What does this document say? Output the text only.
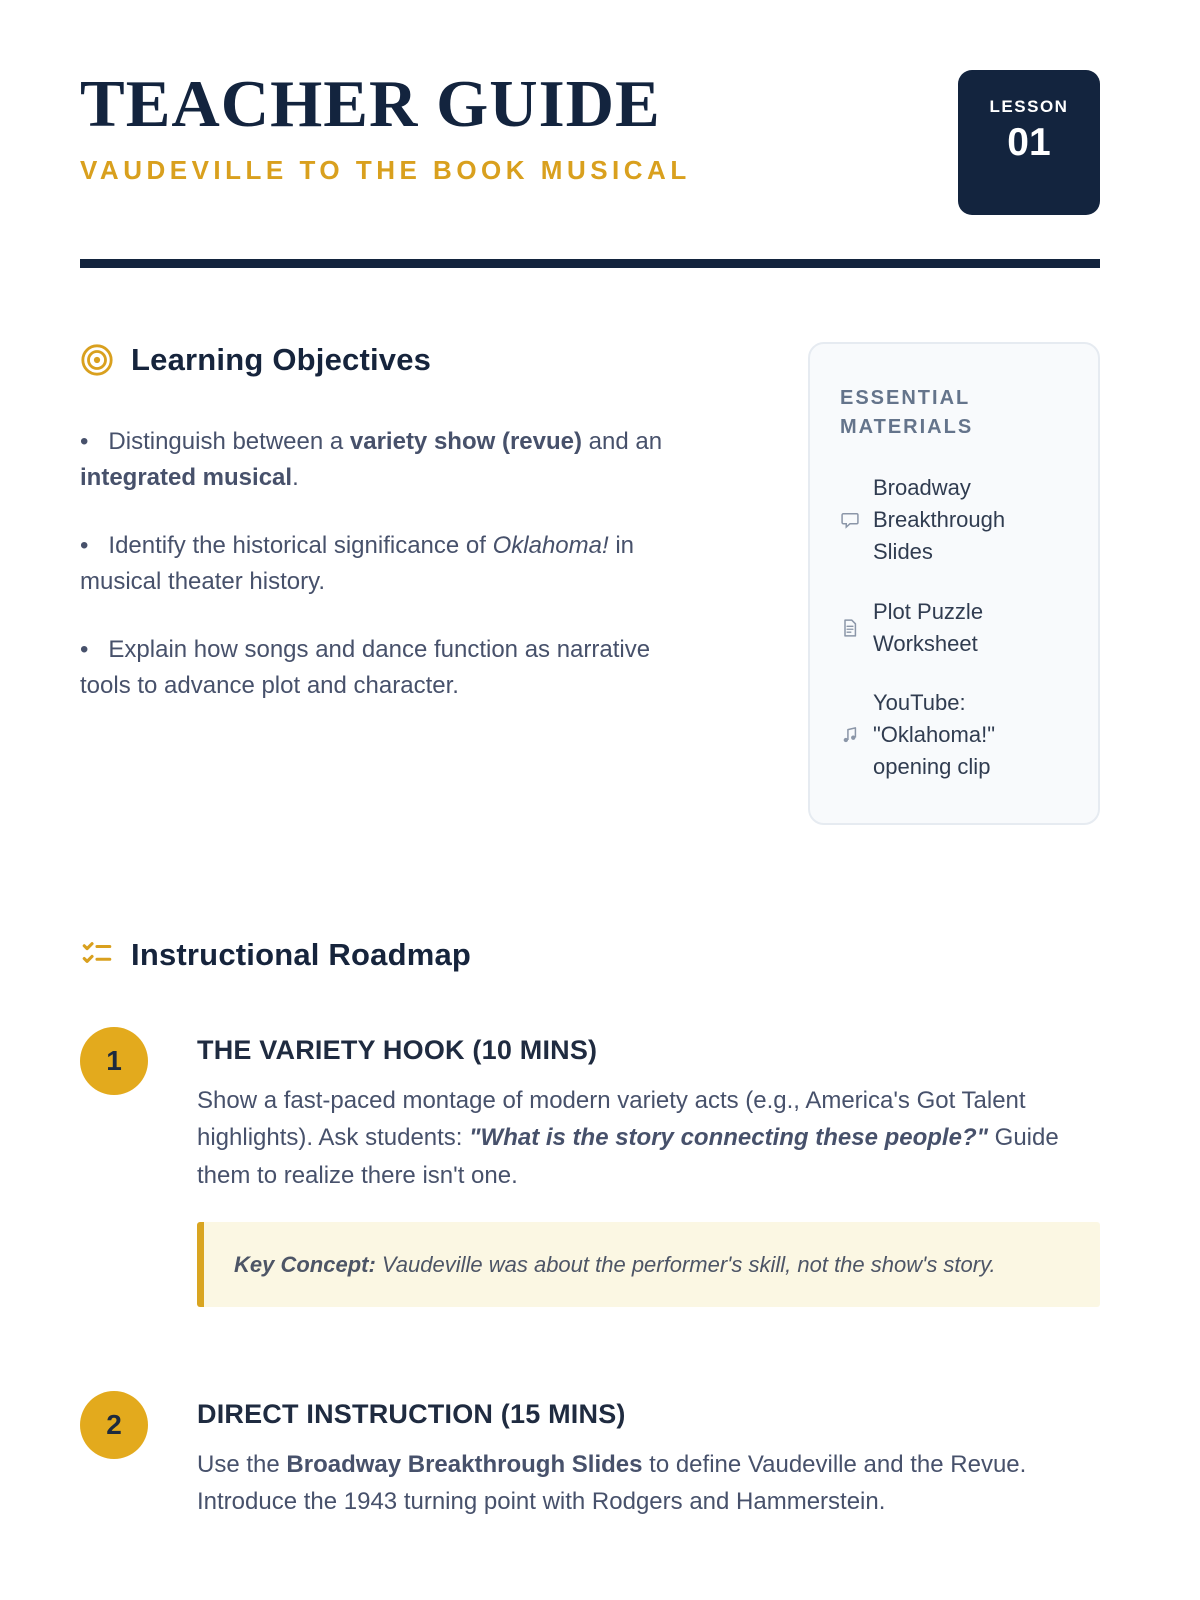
TEACHER GUIDE
VAUDEVILLE TO THE BOOK MUSICAL
LESSON
01
Learning Objectives
• Distinguish between a variety show (revue) and an integrated musical.
• Identify the historical significance of Oklahoma! in musical theater history.
• Explain how songs and dance function as narrative tools to advance plot and character.
ESSENTIAL MATERIALS
Broadway Breakthrough Slides
Plot Puzzle Worksheet
YouTube: "Oklahoma!" opening clip
Instructional Roadmap
1	THE VARIETY HOOK (10 MINS)

Show a fast-paced montage of modern variety acts (e.g., America's Got Talent highlights). Ask students: "What is the story connecting these people?" Guide them to realize there isn't one.

Key Concept: Vaudeville was about the performer's skill, not the show's story.
2	DIRECT INSTRUCTION (15 MINS)

Use the Broadway Breakthrough Slides to define Vaudeville and the Revue. Introduce the 1943 turning point with Rodgers and Hammerstein.
